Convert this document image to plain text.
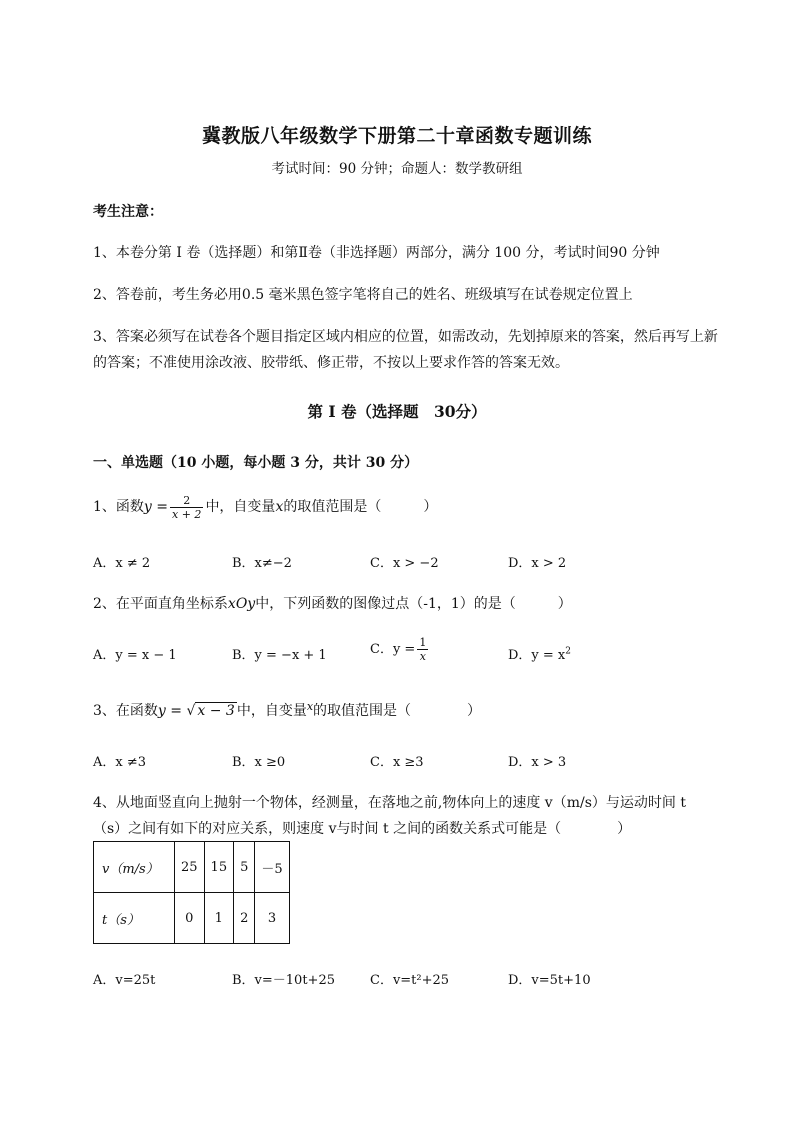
冀教版八年级数学下册第二十章函数专题训练
考试时间：90 分钟；命题人：数学教研组
考生注意：
1、本卷分第 I 卷（选择题）和第Ⅱ卷（非选择题）两部分，满分 100 分，考试时间90 分钟
2、答卷前，考生务必用0.5 毫米黑色签字笔将自己的姓名、班级填写在试卷规定位置上
3、答案必须写在试卷各个题目指定区域内相应的位置，如需改动，先划掉原来的答案，然后再写上新
的答案；不准使用涂改液、胶带纸、修正带，不按以上要求作答的答案无效。
第 I 卷（选择题　30分）
一、单选题（10 小题，每小题 3 分，共计 30 分）
1、函数$y = \frac{2}{x + 2}$ 中，自变量x的取值范围是（　　　）
A．x ≠ 2	B．x≠−2	C．x > −2	D．x > 2
2、在平面直角坐标系xOy中，下列函数的图像过点（-1，1）的是（　　　）
A．y = x − 1	B．y = −x + 1	C．$y = \frac{1}{x}$	D．$y = x^2$
3、在函数y = √ x − 3 中，自变量$^x$的取值范围是（　　　　）
A．x ≠3	B．x ≥0	C．x ≥3	D．x > 3
4、从地面竖直向上抛射一个物体，经测量，在落地之前,物体向上的速度 v（m/s）与运动时间 t
（s）之间有如下的对应关系，则速度 v与时间 t 之间的函数关系式可能是（　　　　）
v（m/s）	25	15	5	－5
t（s）	0	1	2	3
A．v=25t	B．v=－10t+25	C．v=t²+25	D．v=5t+10
